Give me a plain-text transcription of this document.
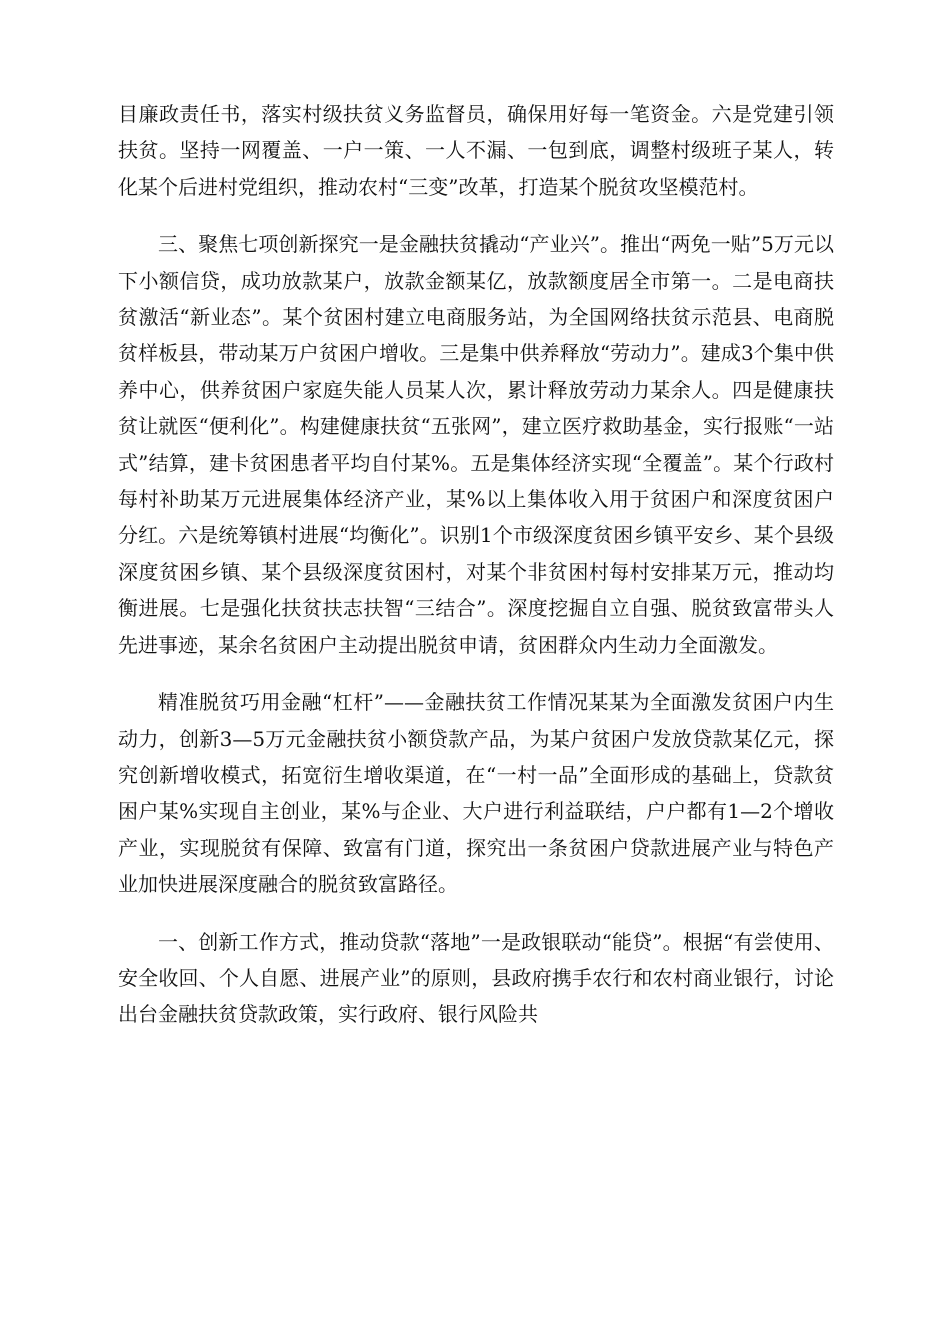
目廉政责任书，落实村级扶贫义务监督员，确保用好每一笔资金。六是党建引领扶贫。坚持一网覆盖、一户一策、一人不漏、一包到底，调整村级班子某人，转化某个后进村党组织，推动农村“三变”改革，打造某个脱贫攻坚模范村。

三、聚焦七项创新探究一是金融扶贫撬动“产业兴”。推出“两免一贴”5万元以下小额信贷，成功放款某户，放款金额某亿，放款额度居全市第一。二是电商扶贫激活“新业态”。某个贫困村建立电商服务站，为全国网络扶贫示范县、电商脱贫样板县，带动某万户贫困户增收。三是集中供养释放“劳动力”。建成3个集中供养中心，供养贫困户家庭失能人员某人次，累计释放劳动力某余人。四是健康扶贫让就医“便利化”。构建健康扶贫“五张网”，建立医疗救助基金，实行报账“一站式”结算，建卡贫困患者平均自付某%。五是集体经济实现“全覆盖”。某个行政村每村补助某万元进展集体经济产业，某%以上集体收入用于贫困户和深度贫困户分红。六是统筹镇村进展“均衡化”。识别1个市级深度贫困乡镇平安乡、某个县级深度贫困乡镇、某个县级深度贫困村，对某个非贫困村每村安排某万元，推动均衡进展。七是强化扶贫扶志扶智“三结合”。深度挖掘自立自强、脱贫致富带头人先进事迹，某余名贫困户主动提出脱贫申请，贫困群众内生动力全面激发。

精准脱贫巧用金融“杠杆”——金融扶贫工作情况某某为全面激发贫困户内生动力，创新3—5万元金融扶贫小额贷款产品，为某户贫困户发放贷款某亿元，探究创新增收模式，拓宽衍生增收渠道，在“一村一品”全面形成的基础上，贷款贫困户某%实现自主创业，某%与企业、大户进行利益联结，户户都有1—2个增收产业，实现脱贫有保障、致富有门道，探究出一条贫困户贷款进展产业与特色产业加快进展深度融合的脱贫致富路径。

一、创新工作方式，推动贷款“落地”一是政银联动“能贷”。根据“有尝使用、安全收回、个人自愿、进展产业”的原则，县政府携手农行和农村商业银行，讨论出台金融扶贫贷款政策，实行政府、银行风险共
